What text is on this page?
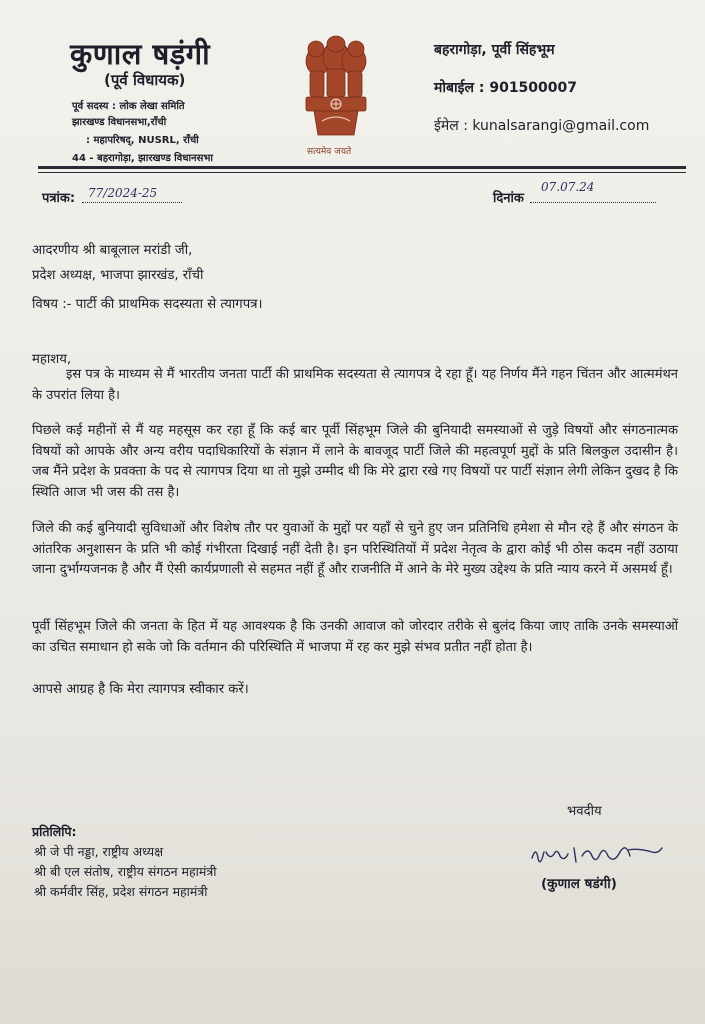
कुणाल षड़ंगी
(पूर्व विधायक)
पूर्व सदस्य : लोक लेखा समिति
झारखण्ड विधानसभा,राँची
: महापरिषद्, NUSRL, राँची
44 - बहरागोड़ा, झारखण्ड विधानसभा
सत्यमेव जयते
बहरागोड़ा, पूर्वी सिंहभूम
मोबाईल : 901500007
ईमेल : kunalsarangi@gmail.com
पत्रांक: 77/2024-25	दिनांक
07.07.24
आदरणीय श्री बाबूलाल मरांडी जी,
प्रदेश अध्यक्ष, भाजपा झारखंड, राँची
विषय :- पार्टी की प्राथमिक सदस्यता से त्यागपत्र।
महाशय,
इस पत्र के माध्यम से मैं भारतीय जनता पार्टी की प्राथमिक सदस्यता से त्यागपत्र दे रहा हूँ। यह निर्णय मैंने गहन चिंतन और आत्ममंथन के उपरांत लिया है।
पिछले कई महीनों से मैं यह महसूस कर रहा हूँ कि कई बार पूर्वी सिंहभूम जिले की बुनियादी समस्याओं से जुड़े विषयों और संगठनात्मक विषयों को आपके और अन्य वरीय पदाधिकारियों के संज्ञान में लाने के बावजूद पार्टी जिले की महत्वपूर्ण मुद्दों के प्रति बिलकुल उदासीन है। जब मैंने प्रदेश के प्रवक्ता के पद से त्यागपत्र दिया था तो मुझे उम्मीद थी कि मेरे द्वारा रखे गए विषयों पर पार्टी संज्ञान लेगी लेकिन दुखद है कि स्थिति आज भी जस की तस है।
जिले की कई बुनियादी सुविधाओं और विशेष तौर पर युवाओं के मुद्दों पर यहाँ से चुने हुए जन प्रतिनिधि हमेशा से मौन रहे हैं और संगठन के आंतरिक अनुशासन के प्रति भी कोई गंभीरता दिखाई नहीं देती है। इन परिस्थितियों में प्रदेश नेतृत्व के द्वारा कोई भी ठोस कदम नहीं उठाया जाना दुर्भाग्यजनक है और मैं ऐसी कार्यप्रणाली से सहमत नहीं हूँ और राजनीति में आने के मेरे मुख्य उद्देश्य के प्रति न्याय करने में असमर्थ हूँ।
पूर्वी सिंहभूम जिले की जनता के हित में यह आवश्यक है कि उनकी आवाज को जोरदार तरीके से बुलंद किया जाए ताकि उनके समस्याओं का उचित समाधान हो सके जो कि वर्तमान की परिस्थिति में भाजपा में रह कर मुझे संभव प्रतीत नहीं होता है।
आपसे आग्रह है कि मेरा त्यागपत्र स्वीकार करें।
भवदीय
(कुणाल षडंगी)
प्रतिलिपि:
श्री जे पी नड्डा, राष्ट्रीय अध्यक्ष
श्री बी एल संतोष, राष्ट्रीय संगठन महामंत्री
श्री कर्मवीर सिंह, प्रदेश संगठन महामंत्री
